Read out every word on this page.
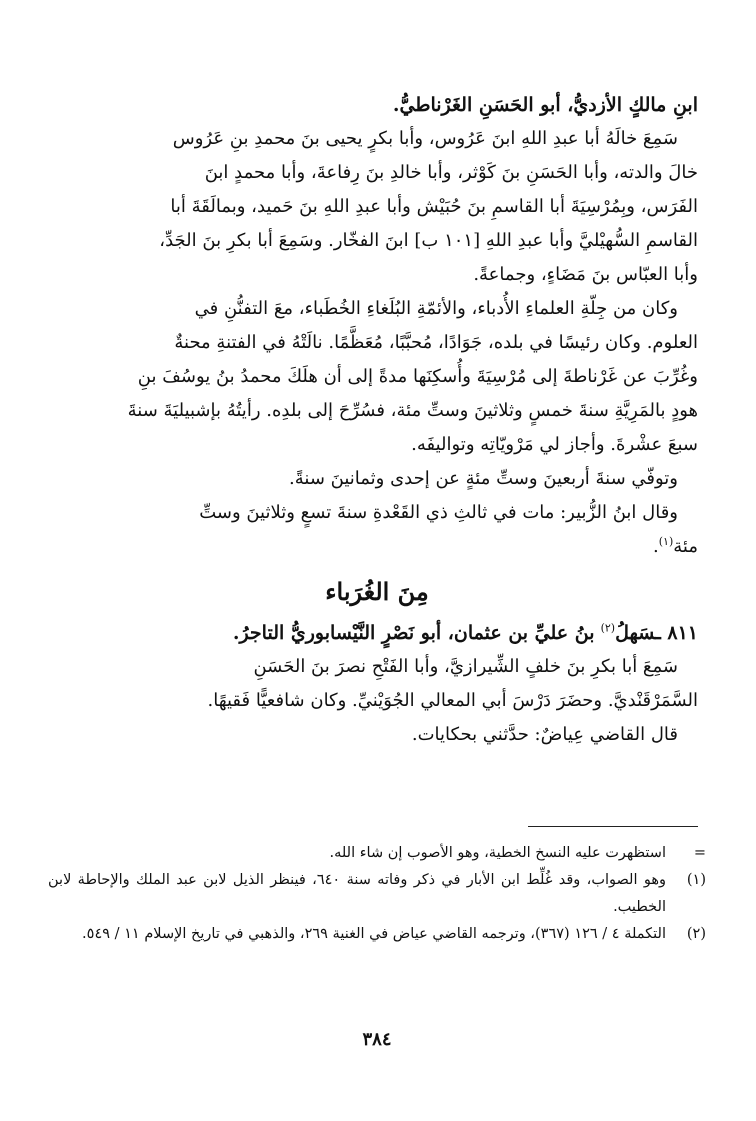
ابنِ مالكٍ الأزديُّ، أبو الحَسَنِ الغَرْناطيُّ.
سَمِعَ خالَهُ أبا عبدِ اللهِ ابنَ عَرُوس، وأبا بكرٍ يحيى بنَ محمدِ بنِ عَرُوس
خالَ والدته، وأبا الحَسَنِ بنَ كَوْثر، وأبا خالدِ بنَ رِفاعةَ، وأبا محمدٍ ابنَ
الفَرَس، وبِمُرْسِيَةَ أبا القاسمِ بنَ حُبَيْش وأبا عبدِ اللهِ بنَ حَميد، وبمالَقَةَ أبا
القاسمِ السُّهيْليَّ وأبا عبدِ اللهِ [١٠١ ب] ابنَ الفخّار. وسَمِعَ أبا بكرِ بنَ الجَدِّ،
وأبا العبّاس بنَ مَضَاءٍ، وجماعةً.
وكان من جِلّةِ العلماءِ الأُدباء، والأئمّةِ البُلَغاءِ الخُطَباء، معَ التفنُّنِ في
العلوم. وكان رئيسًا في بلده، جَوَادًا، مُحبَّبًا، مُعَظَّمًا. نالَتْهُ في الفتنةِ محنةٌ
وغُرِّبَ عن غَرْناطةَ إلى مُرْسِيَةَ وأُسكِنَها مدةً إلى أن هلَكَ محمدُ بنُ يوسُفَ بنِ
هودٍ بالمَرِيَّةِ سنةَ خمسٍ وثلاثينَ وستِّ مئة، فسُرِّحَ إلى بلدِه. رأيتُهُ بإشبيليَةَ سنةَ
سبعَ عشْرةَ. وأجاز لي مَرْويّاتِه وتواليفَه.
وتوفّي سنةَ أربعينَ وستِّ مئةٍ عن إحدى وثمانينَ سنةً.
وقال ابنُ الزُّبير: مات في ثالثِ ذي القَعْدةِ سنةَ تسعٍ وثلاثينَ وستِّ
مئة$^{(١)}$.
مِنَ الغُرَباء
٨١١ ـسَهلُ$^{(٢)}$ بنُ عليِّ بن عثمان، أبو نَصْرٍ النَّيْسابوريُّ التاجرُ.
سَمِعَ أبا بكرِ بنَ خلفٍ الشِّيرازيَّ، وأبا الفَتْحِ نصرَ بنَ الحَسَنِ
السَّمَرْقَنْديَّ. وحضَرَ دَرْسَ أبي المعالي الجُوَيْنيِّ. وكان شافعيًّا فَقيهًا.
قال القاضي عِياضٌ: حدَّثني بحكايات.
=
استظهرت عليه النسخ الخطية، وهو الأصوب إن شاء الله.
(١)
وهو الصواب، وقد غُلِّط ابن الأبار في ذكر وفاته سنة ٦٤٠، فينظر الذيل لابن عبد الملك والإحاطة لابن الخطيب.
(٢)
التكملة ٤ / ١٢٦ (٣٦٧)، وترجمه القاضي عياض في الغنية ٢٦٩، والذهبي في تاريخ الإسلام ١١ / ٥٤٩.
٣٨٤
